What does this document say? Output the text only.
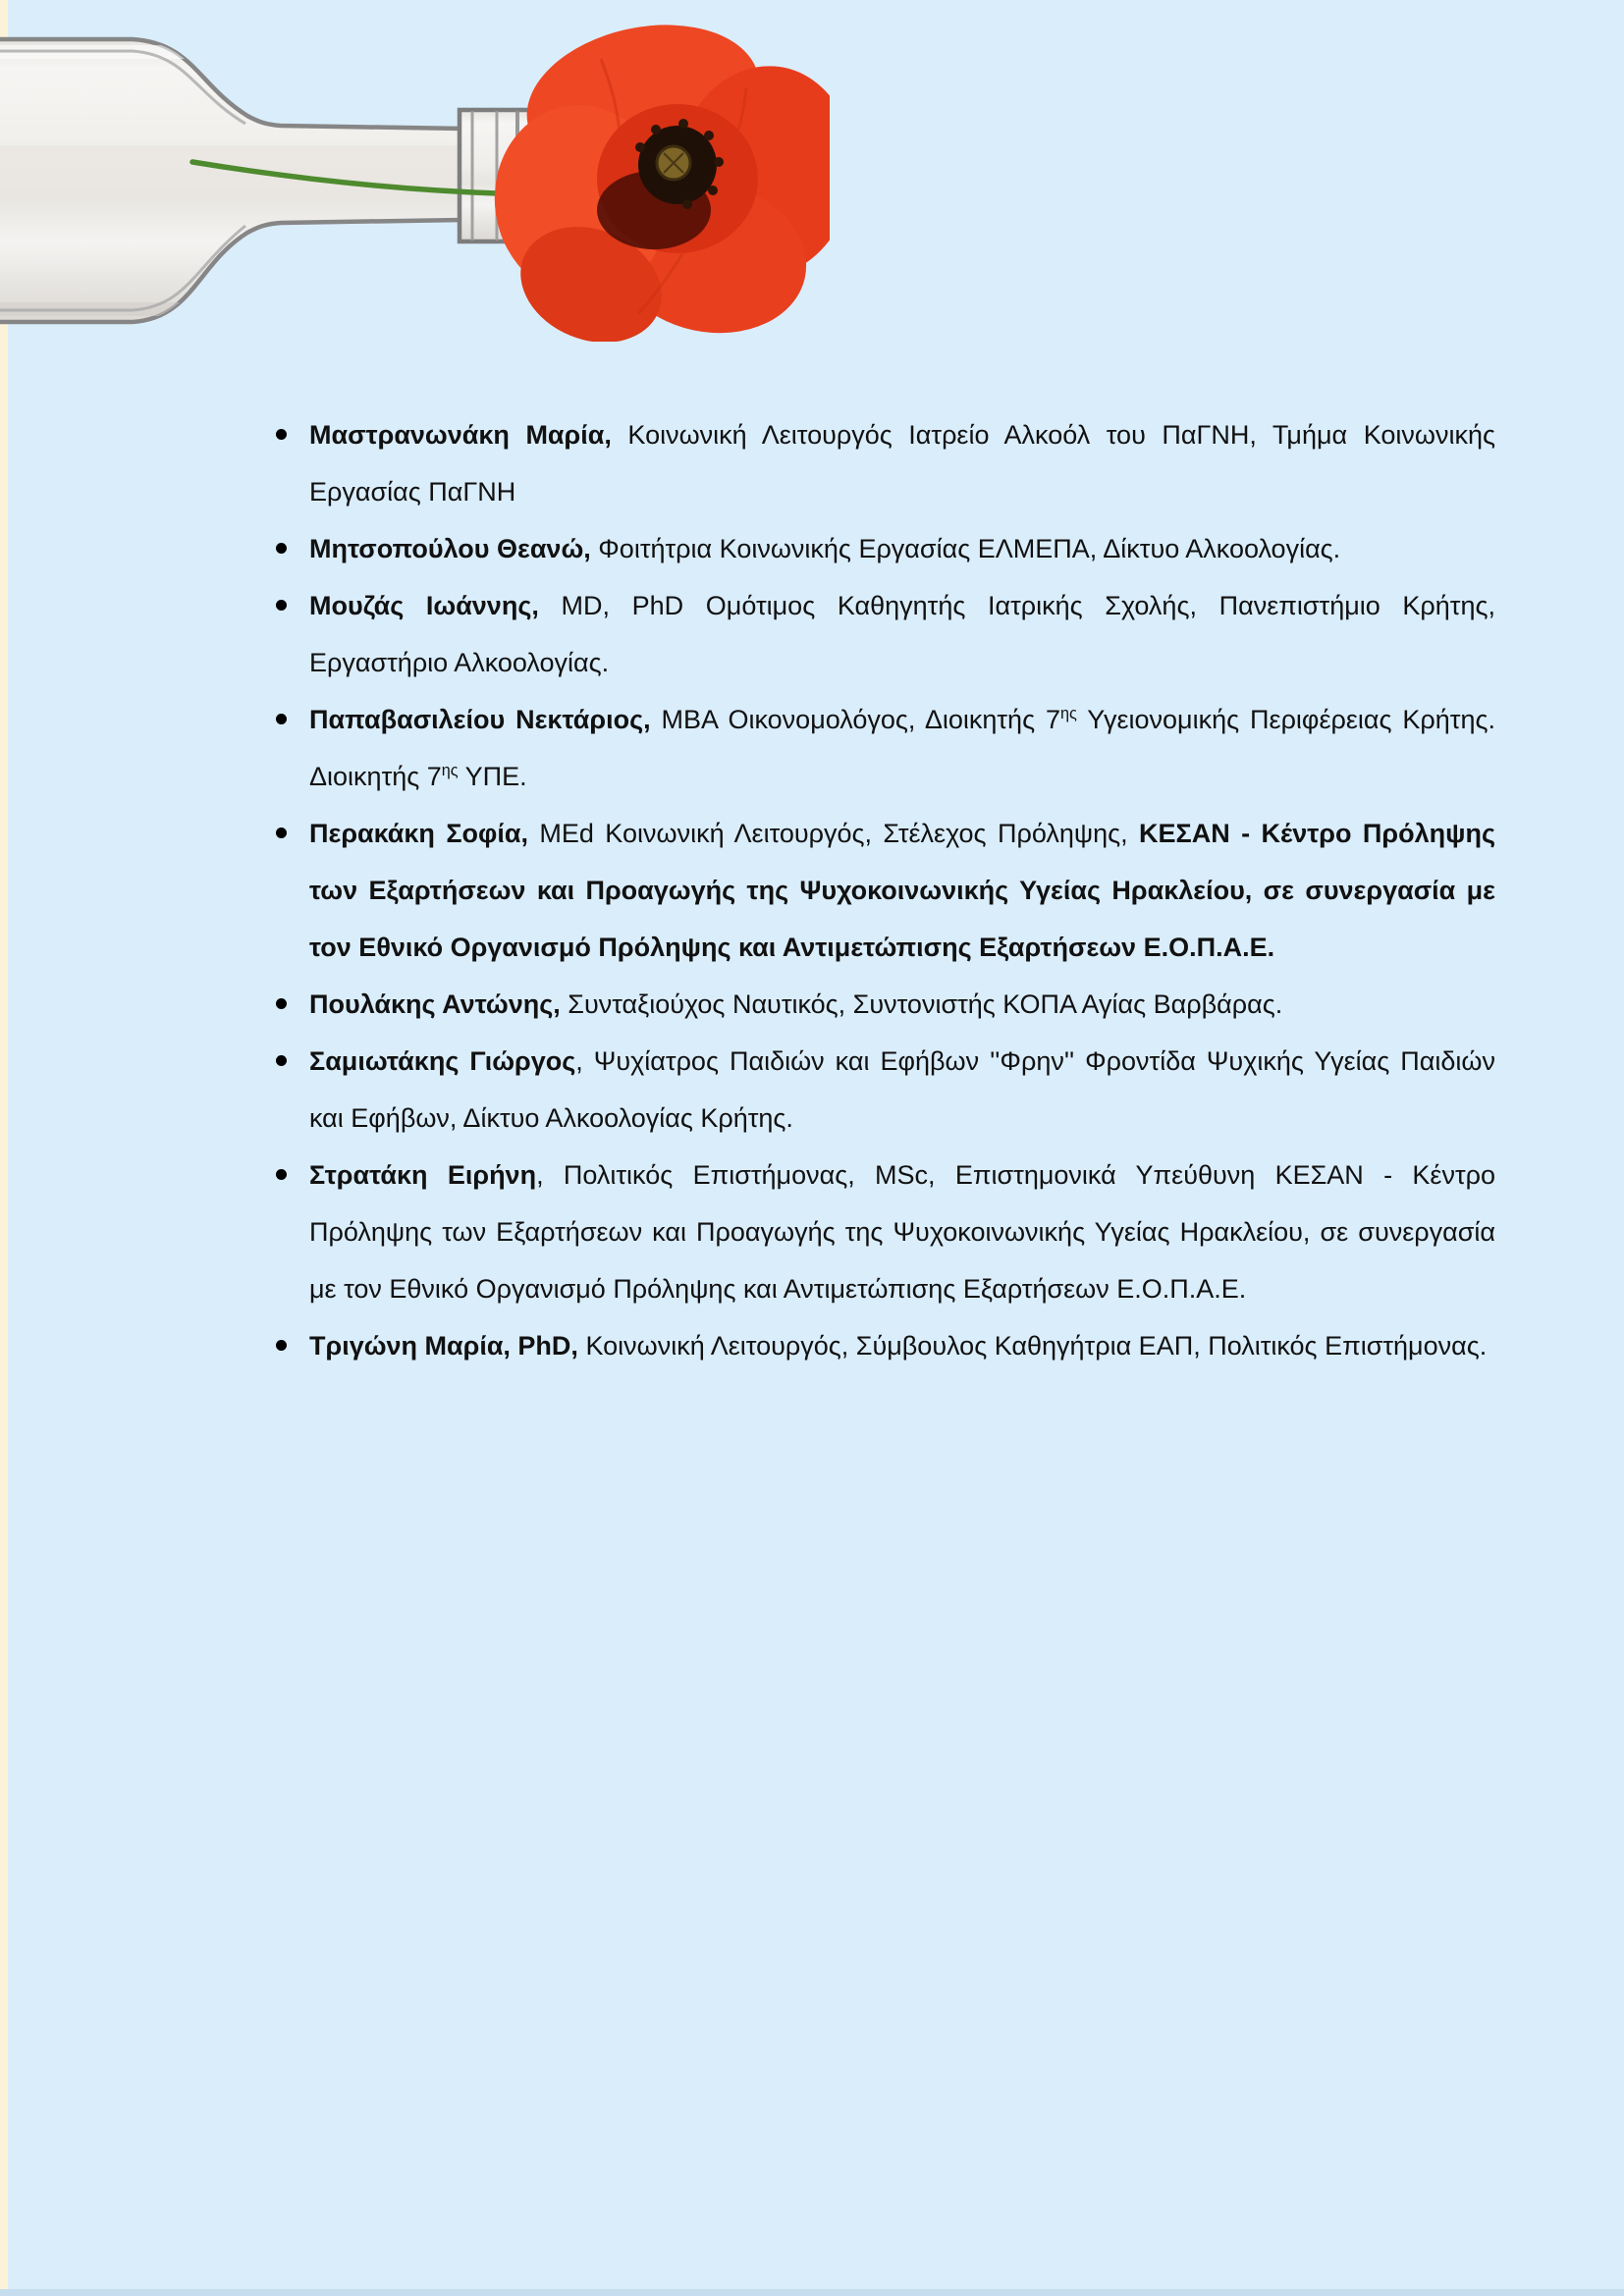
Μαστρανωνάκη Μαρία, Κοινωνική Λειτουργός Ιατρείο Αλκοόλ του ΠαΓΝΗ, Τμήμα Κοινωνικής Εργασίας ΠαΓΝΗ
Μητσοπούλου Θεανώ, Φοιτήτρια Κοινωνικής Εργασίας ΕΛΜΕΠΑ, Δίκτυο Αλκοολογίας.
Μουζάς Ιωάννης, MD, PhD Ομότιμος Καθηγητής Ιατρικής Σχολής, Πανεπιστήμιο Κρήτης, Εργαστήριο Αλκοολογίας.
Παπαβασιλείου Νεκτάριος, MBA Οικονομολόγος, Διοικητής $7^{\eta\varsigma}$ Υγειονομικής Περιφέρειας Κρήτης. Διοικητής $7^{\eta\varsigma}$ ΥΠΕ.
Περακάκη Σοφία, MEd Κοινωνική Λειτουργός, Στέλεχος Πρόληψης, ΚΕΣΑΝ - Κέντρο Πρόληψης των Εξαρτήσεων και Προαγωγής της Ψυχοκοινωνικής Υγείας Ηρακλείου, σε συνεργασία με τον Εθνικό Οργανισμό Πρόληψης και Αντιμετώπισης Εξαρτήσεων Ε.Ο.Π.Α.Ε.
Πουλάκης Αντώνης, Συνταξιούχος Ναυτικός, Συντονιστής ΚΟΠΑ Αγίας Βαρβάρας.
Σαμιωτάκης Γιώργος, Ψυχίατρος Παιδιών και Εφήβων ''Φρην'' Φροντίδα Ψυχικής Υγείας Παιδιών και Εφήβων, Δίκτυο Αλκοολογίας Κρήτης.
Στρατάκη Ειρήνη, Πολιτικός Επιστήμονας, MSc, Επιστημονικά Υπεύθυνη ΚΕΣΑΝ - Κέντρο Πρόληψης των Εξαρτήσεων και Προαγωγής της Ψυχοκοινωνικής Υγείας Ηρακλείου, σε συνεργασία με τον Εθνικό Οργανισμό Πρόληψης και Αντιμετώπισης Εξαρτήσεων Ε.Ο.Π.Α.Ε.
Τριγώνη Μαρία, PhD, Κοινωνική Λειτουργός, Σύμβουλος Καθηγήτρια ΕΑΠ, Πολιτικός Επιστήμονας.
